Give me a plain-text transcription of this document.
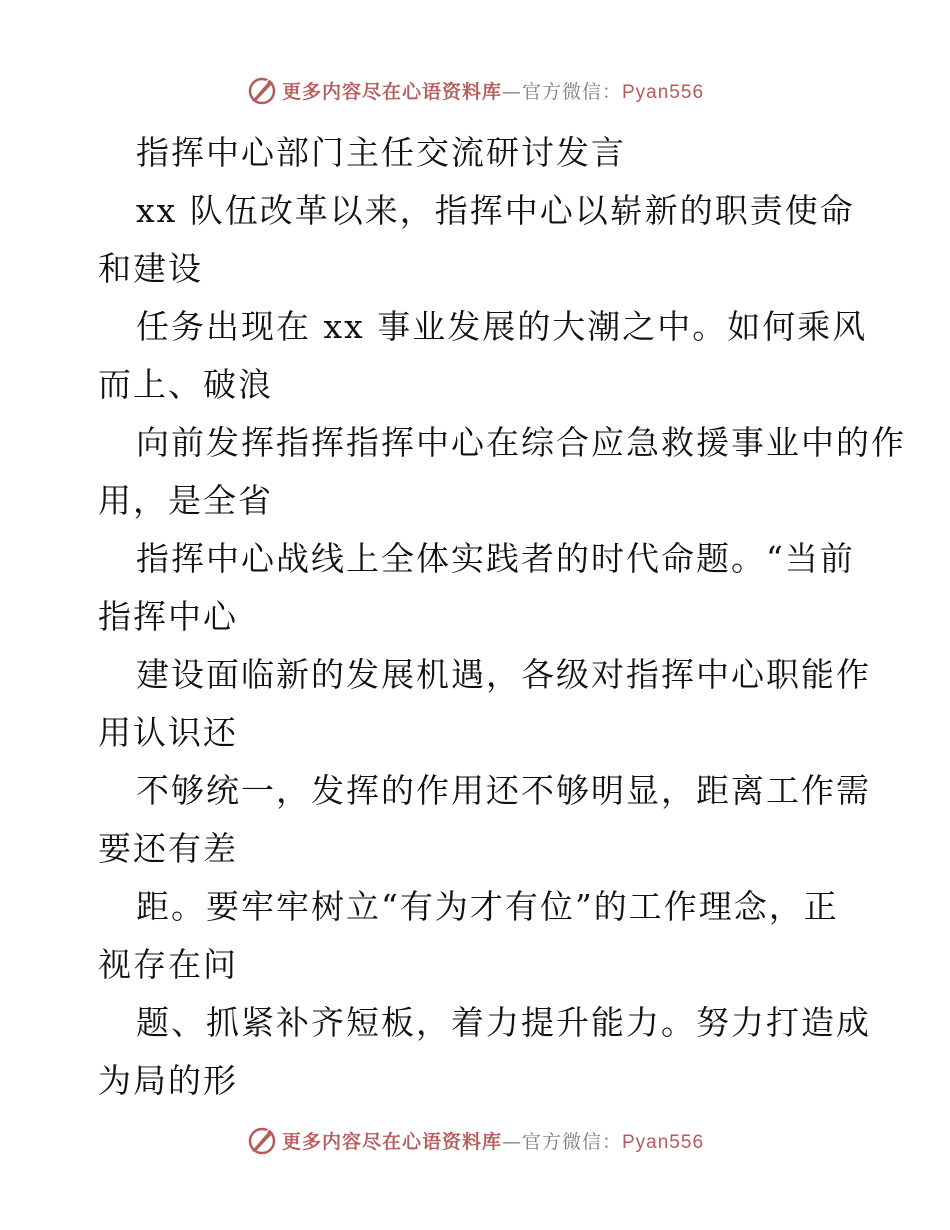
更多内容尽在心语资料库—官方微信：Pyan556
指挥中心部门主任交流研讨发言
xx 队伍改革以来，指挥中心以崭新的职责使命
和建设
任务出现在 xx 事业发展的大潮之中。如何乘风
而上、破浪
向前发挥指挥指挥中心在综合应急救援事业中的作
用，是全省
指挥中心战线上全体实践者的时代命题。“当前
指挥中心
建设面临新的发展机遇，各级对指挥中心职能作
用认识还
不够统一，发挥的作用还不够明显，距离工作需
要还有差
距。要牢牢树立“有为才有位”的工作理念，正
视存在问
题、抓紧补齐短板，着力提升能力。努力打造成
为局的形
更多内容尽在心语资料库—官方微信：Pyan556
